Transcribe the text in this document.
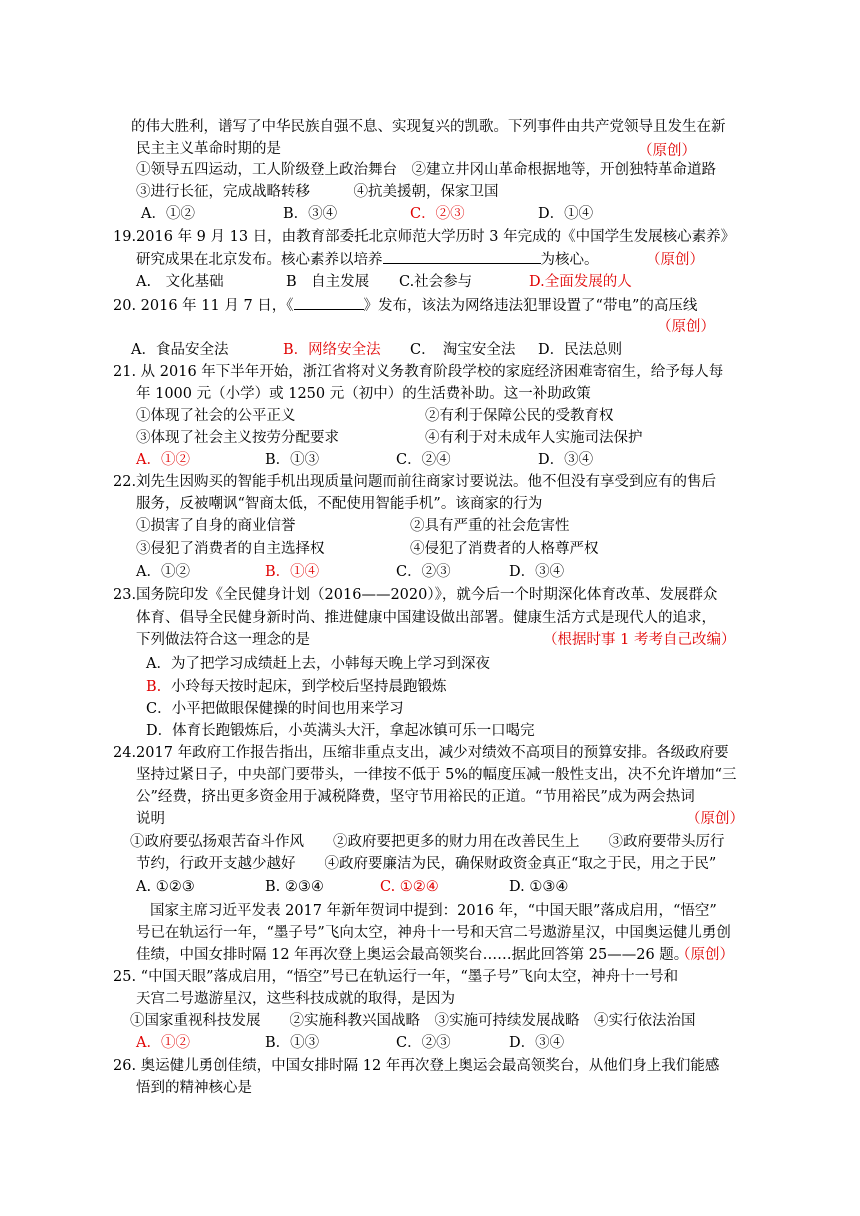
的伟大胜利，谱写了中华民族自强不息、实现复兴的凯歌。下列事件由共产党领导且发生在新
民主主义革命时期的是	（原创）
①领导五四运动，工人阶级登上政治舞台　②建立井冈山革命根据地等，开创独特革命道路
③进行长征，完成战略转移　　　④抗美援朝，保家卫国
A．①②	B．③④	C．②③	D．①④
19.2016 年 9 月 13 日，由教育部委托北京师范大学历时 3 年完成的《中国学生发展核心素养》
研究成果在北京发布。核心素养以培养	为核心。	（原创）
A.　文化基础	B　自主发展 C.社会参与	D.全面发展的人
20. 2016 年 11 月 7 日，《	》发布，该法为网络违法犯罪设置了“带电”的高压线
（原创）
A．食品安全法	B．网络安全法 C．　淘宝安全法 D．民法总则
21. 从 2016 年下半年开始，浙江省将对义务教育阶段学校的家庭经济困难寄宿生，给予每人每
年 1000 元（小学）或 1250 元（初中）的生活费补助。这一补助政策
①体现了社会的公平正义	②有利于保障公民的受教育权
③体现了社会主义按劳分配要求	④有利于对未成年人实施司法保护
A．①②	B．①③	C．②④	D．③④
22.刘先生因购买的智能手机出现质量问题而前往商家讨要说法。他不但没有享受到应有的售后
服务，反被嘲讽“智商太低，不配使用智能手机”。该商家的行为
①损害了自身的商业信誉	②具有严重的社会危害性
③侵犯了消费者的自主选择权	④侵犯了消费者的人格尊严权
A．①②	B．①④	C．②③	D．③④
23.国务院印发《全民健身计划（2016——2020）》，就今后一个时期深化体育改革、发展群众
体育、倡导全民健身新时尚、推进健康中国建设做出部署。健康生活方式是现代人的追求，
下列做法符合这一理念的是	（根据时事 1 考考自己改编）
A．为了把学习成绩赶上去，小韩每天晚上学习到深夜
B. 小玲每天按时起床，到学校后坚持晨跑锻炼
C．小平把做眼保健操的时间也用来学习
D．体育长跑锻炼后，小英满头大汗，拿起冰镇可乐一口喝完
24.2017 年政府工作报告指出，压缩非重点支出，减少对绩效不高项目的预算安排。各级政府要
坚持过紧日子，中央部门要带头，一律按不低于 5%的幅度压减一般性支出，决不允许增加“三
公”经费，挤出更多资金用于减税降费，坚守节用裕民的正道。“节用裕民”成为两会热词
说明	（原创）
①政府要弘扬艰苦奋斗作风　　②政府要把更多的财力用在改善民生上　　③政府要带头厉行
节约，行政开支越少越好　　④政府要廉洁为民，确保财政资金真正“取之于民，用之于民”
A. ①②③	B. ②③④	C. ①②④	D. ①③④
国家主席习近平发表 2017 年新年贺词中提到：2016 年，“中国天眼”落成启用，“悟空”
号已在轨运行一年，“墨子号”飞向太空，神舟十一号和天宫二号遨游星汉，中国奥运健儿勇创
佳绩，中国女排时隔 12 年再次登上奥运会最高领奖台……据此回答第 25——26 题。
（原创）
25. “中国天眼”落成启用，“悟空”号已在轨运行一年，“墨子号”飞向太空，神舟十一号和
天宫二号遨游星汉，这些科技成就的取得，是因为
①国家重视科技发展　　②实施科教兴国战略　③实施可持续发展战略　④实行依法治国
A．①②	B．①③	C．②③	D．③④
26. 奥运健儿勇创佳绩，中国女排时隔 12 年再次登上奥运会最高领奖台，从他们身上我们能感
悟到的精神核心是
